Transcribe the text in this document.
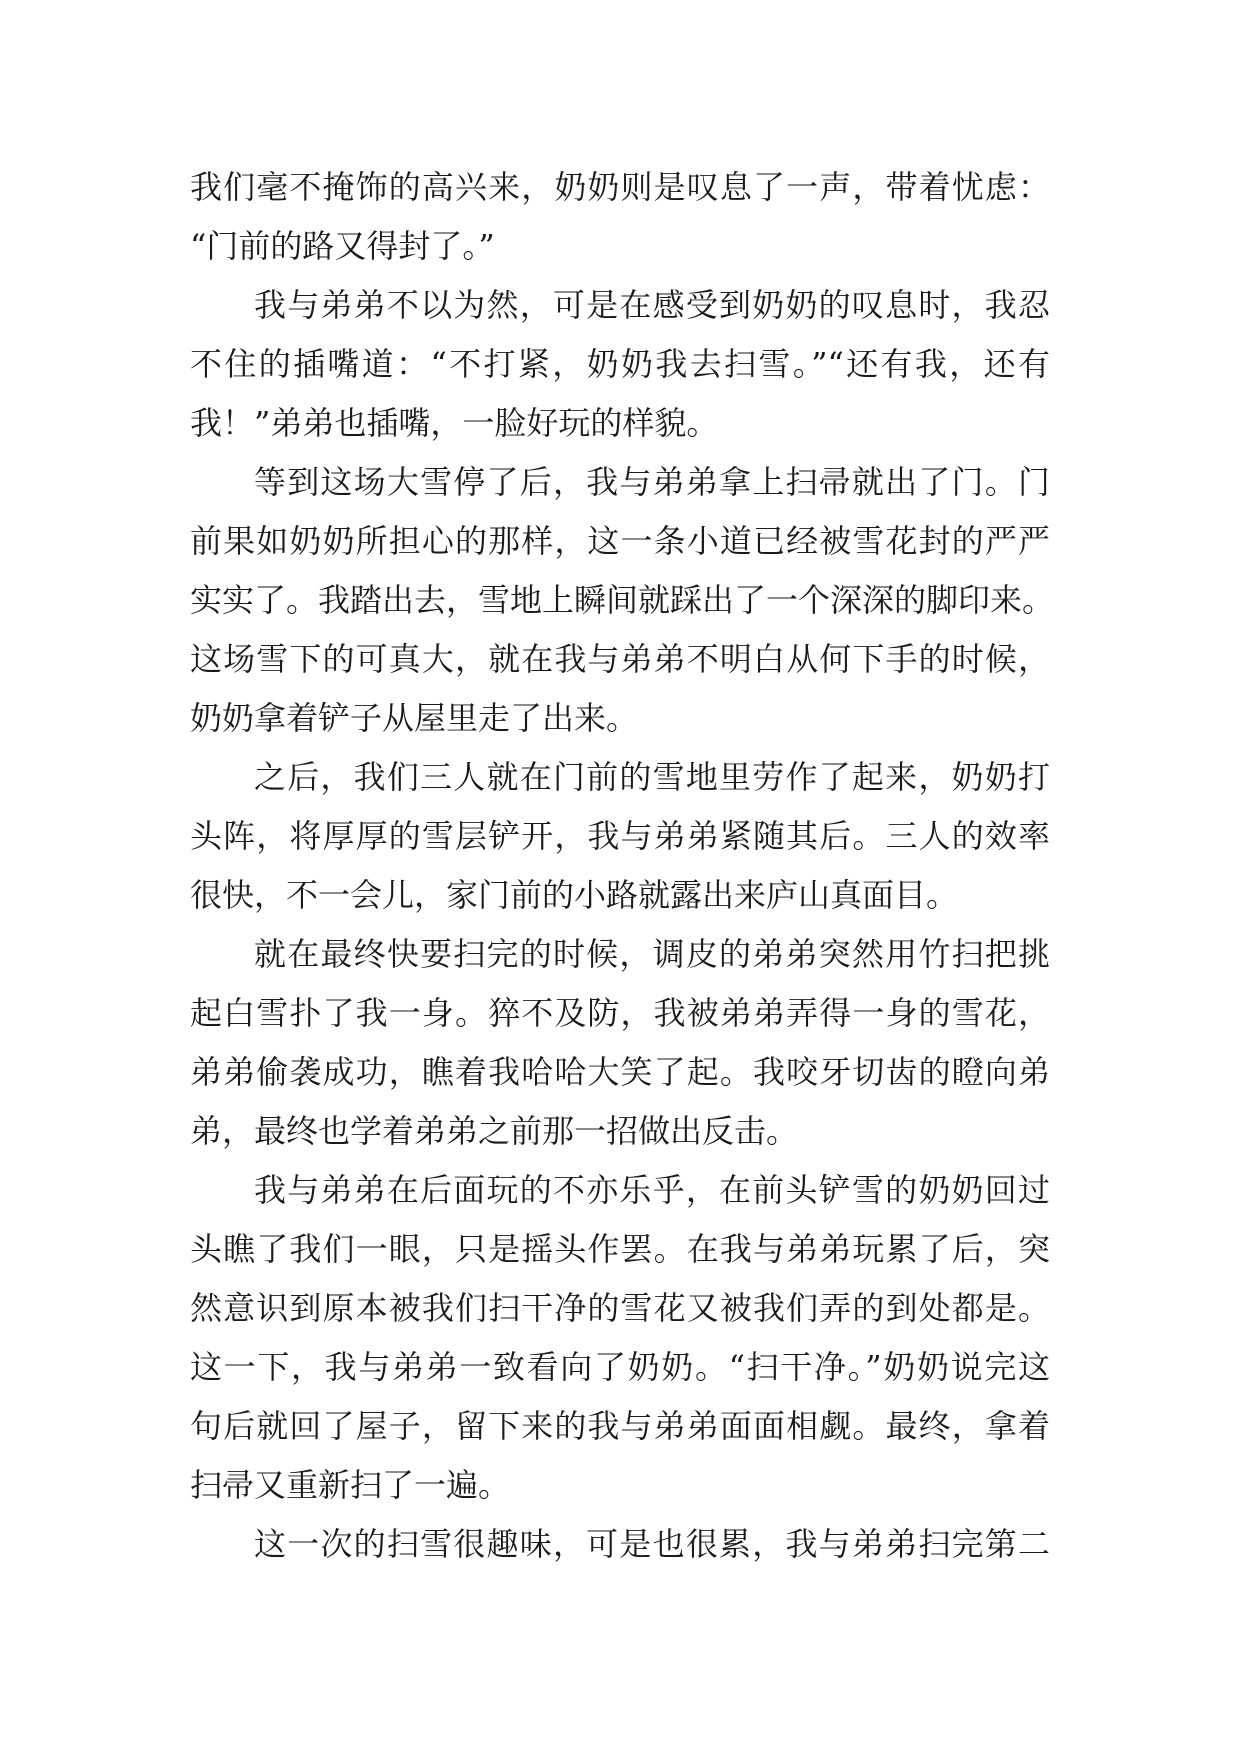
我们毫不掩饰的高兴来，奶奶则是叹息了一声，带着忧虑：
“门前的路又得封了。”
我与弟弟不以为然，可是在感受到奶奶的叹息时，我忍
不住的插嘴道：“不打紧，奶奶我去扫雪。”“还有我，还有
我！”弟弟也插嘴，一脸好玩的样貌。
等到这场大雪停了后，我与弟弟拿上扫帚就出了门。门
前果如奶奶所担心的那样，这一条小道已经被雪花封的严严
实实了。我踏出去，雪地上瞬间就踩出了一个深深的脚印来。
这场雪下的可真大，就在我与弟弟不明白从何下手的时候，
奶奶拿着铲子从屋里走了出来。
之后，我们三人就在门前的雪地里劳作了起来，奶奶打
头阵，将厚厚的雪层铲开，我与弟弟紧随其后。三人的效率
很快，不一会儿，家门前的小路就露出来庐山真面目。
就在最终快要扫完的时候，调皮的弟弟突然用竹扫把挑
起白雪扑了我一身。猝不及防，我被弟弟弄得一身的雪花，
弟弟偷袭成功，瞧着我哈哈大笑了起。我咬牙切齿的瞪向弟
弟，最终也学着弟弟之前那一招做出反击。
我与弟弟在后面玩的不亦乐乎，在前头铲雪的奶奶回过
头瞧了我们一眼，只是摇头作罢。在我与弟弟玩累了后，突
然意识到原本被我们扫干净的雪花又被我们弄的到处都是。
这一下，我与弟弟一致看向了奶奶。“扫干净。”奶奶说完这
句后就回了屋子，留下来的我与弟弟面面相觑。最终，拿着
扫帚又重新扫了一遍。
这一次的扫雪很趣味，可是也很累，我与弟弟扫完第二
